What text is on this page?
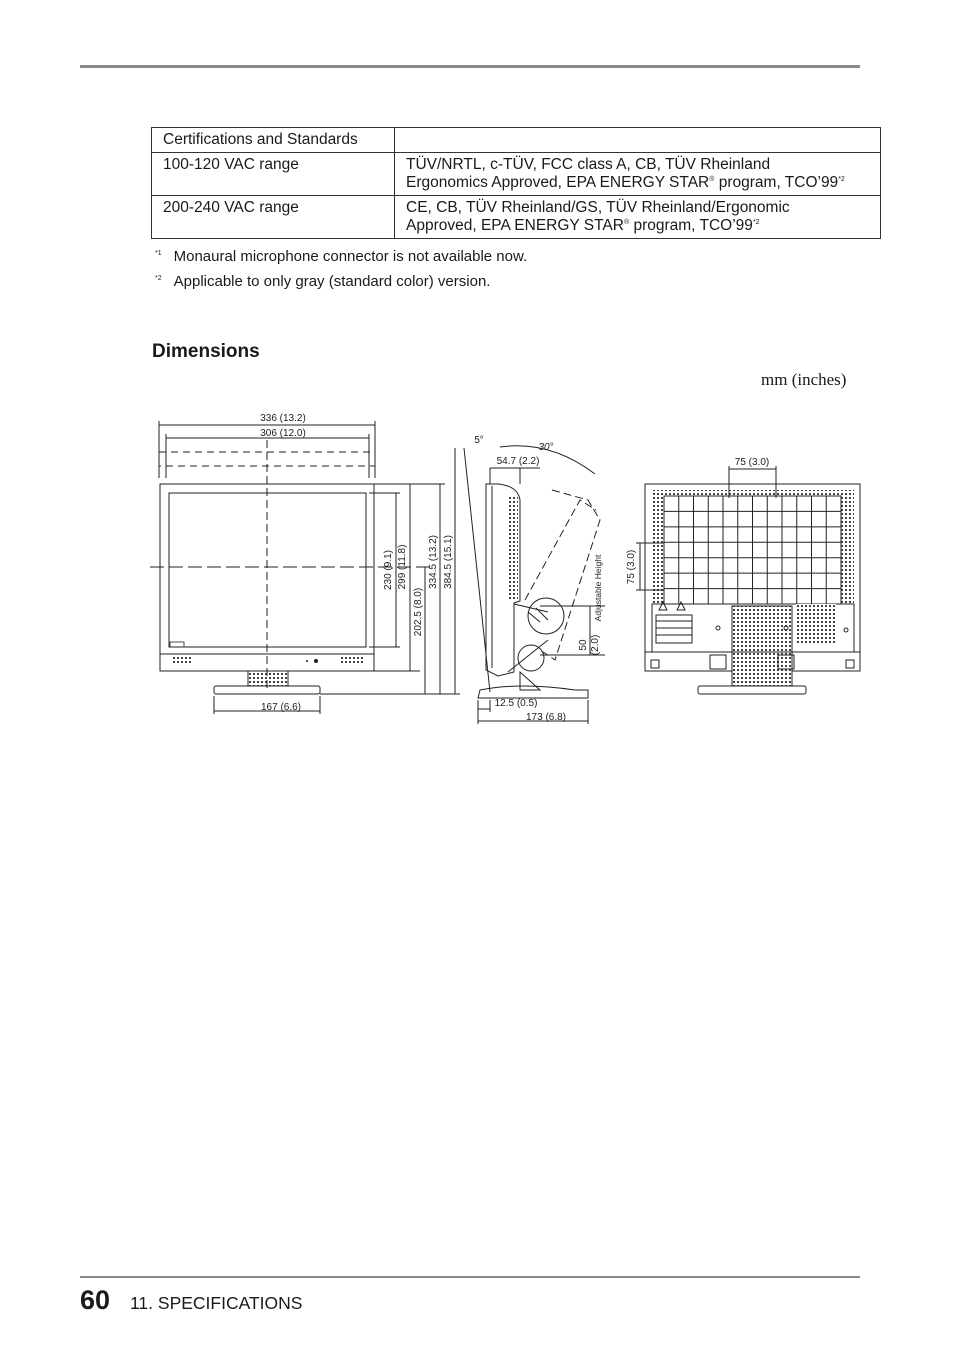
Certifications and Standards	
100-120 VAC range	TÜV/NRTL, c-TÜV, FCC class A, CB, TÜV Rheinland
Ergonomics Approved, EPA ENERGY STAR® program, TCO’99$^{*2}$
200-240 VAC range	CE, CB, TÜV Rheinland/GS, TÜV Rheinland/Ergonomic
Approved, EPA ENERGY STAR® program, TCO’99$^{*2}$
$^{*1}$ Monaural microphone connector is not available now.
$^{*2}$ Applicable to only gray (standard color) version.
Dimensions
mm (inches)
336 (13.2)
306 (12.0)
167 (6.6)
230 (9.1) 299 (11.8)
202.5 (8.0)
334.5 (13.2) 384.5 (15.1)
5°
30°
54.7 (2.2)
50 (2.0)
Adjustable Height
12.5 (0.5)
173 (6.8)
75 (3.0)
75 (3.0)
60 11. SPECIFICATIONS
